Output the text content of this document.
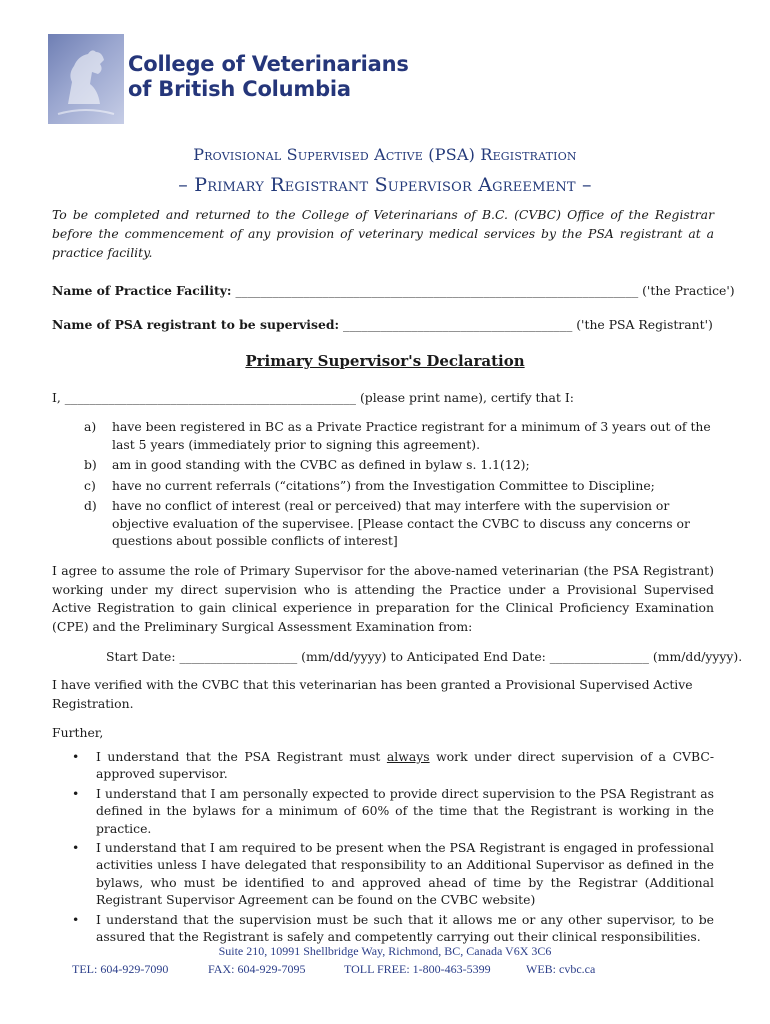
College of Veterinarians
of British Columbia
Provisional Supervised Active (PSA) Registration
– Primary Registrant Supervisor Agreement –
To be completed and returned to the College of Veterinarians of B.C. (CVBC) Office of the Registrar before the commencement of any provision of veterinary medical services by the PSA registrant at a practice facility.
Name of Practice Facility: _________________________________________________________________ ('the Practice')
Name of PSA registrant to be supervised: _____________________________________ ('the PSA Registrant')
Primary Supervisor's Declaration
I, _______________________________________________ (please print name), certify that I:
a) have been registered in BC as a Private Practice registrant for a minimum of 3 years out of the last 5 years (immediately prior to signing this agreement).
b) am in good standing with the CVBC as defined in bylaw s. 1.1(12);
c) have no current referrals (“citations”) from the Investigation Committee to Discipline;
d) have no conflict of interest (real or perceived) that may interfere with the supervision or objective evaluation of the supervisee. [Please contact the CVBC to discuss any concerns or questions about possible conflicts of interest]
I agree to assume the role of Primary Supervisor for the above-named veterinarian (the PSA Registrant) working under my direct supervision who is attending the Practice under a Provisional Supervised Active Registration to gain clinical experience in preparation for the Clinical Proficiency Examination (CPE) and the Preliminary Surgical Assessment Examination from:
Start Date: ___________________ (mm/dd/yyyy) to Anticipated End Date: ________________ (mm/dd/yyyy).
I have verified with the CVBC that this veterinarian has been granted a Provisional Supervised Active Registration.
Further,
• I understand that the PSA Registrant must always work under direct supervision of a CVBC-approved supervisor.
• I understand that I am personally expected to provide direct supervision to the PSA Registrant as defined in the bylaws for a minimum of 60% of the time that the Registrant is working in the practice.
• I understand that I am required to be present when the PSA Registrant is engaged in professional activities unless I have delegated that responsibility to an Additional Supervisor as defined in the bylaws, who must be identified to and approved ahead of time by the Registrar (Additional Registrant Supervisor Agreement can be found on the CVBC website)
• I understand that the supervision must be such that it allows me or any other supervisor, to be assured that the Registrant is safely and competently carrying out their clinical responsibilities.
Suite 210, 10991 Shellbridge Way, Richmond, BC, Canada V6X 3C6
TEL: 604-929-7090	FAX: 604-929-7095	TOLL FREE: 1-800-463-5399	WEB: cvbc.ca
